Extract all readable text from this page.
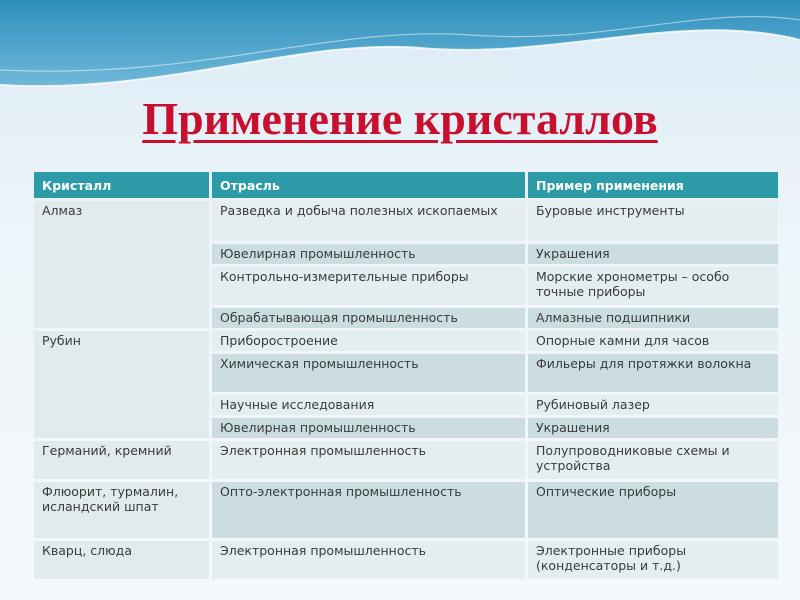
Применение кристаллов
Кристалл	Отрасль	Пример применения
Алмаз	Разведка и добыча полезных ископаемых	Буровые инструменты
	Ювелирная промышленность	Украшения
	Контрольно-измерительные приборы	Морские хронометры – особо точные приборы
	Обрабатывающая промышленность	Алмазные подшипники
Рубин	Приборостроение	Опорные камни для часов
	Химическая промышленность	Фильеры для протяжки волокна
	Научные исследования	Рубиновый лазер
	Ювелирная промышленность	Украшения
Германий, кремний	Электронная промышленность	Полупроводниковые схемы и устройства
Флюорит, турмалин, исландский шпат	Опто-электронная промышленность	Оптические приборы
Кварц, слюда	Электронная промышленность	Электронные приборы (конденсаторы и т.д.)
